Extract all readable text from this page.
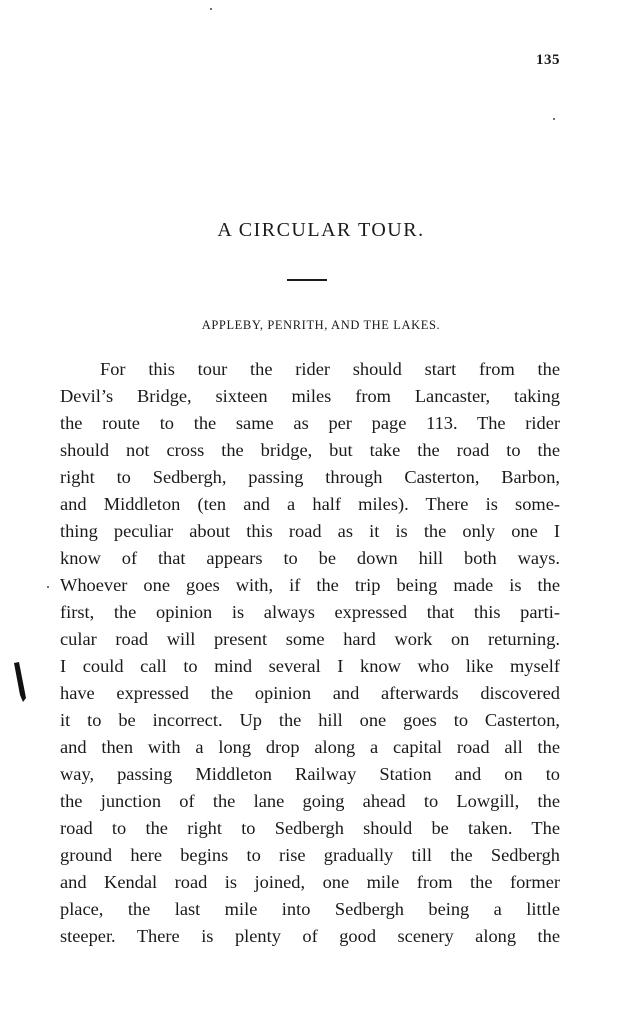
135
A CIRCULAR TOUR.
APPLEBY, PENRITH, AND THE LAKES.
For this tour the rider should start from the
Devil’s Bridge, sixteen miles from Lancaster, taking
the route to the same as per page 113. The rider
should not cross the bridge, but take the road to the
right to Sedbergh, passing through Casterton, Barbon,
and Middleton (ten and a half miles). There is some-
thing peculiar about this road as it is the only one I
know of that appears to be down hill both ways.
Whoever one goes with, if the trip being made is the
first, the opinion is always expressed that this parti-
cular road will present some hard work on returning.
I could call to mind several I know who like myself
have expressed the opinion and afterwards discovered
it to be incorrect. Up the hill one goes to Casterton,
and then with a long drop along a capital road all the
way, passing Middleton Railway Station and on to
the junction of the lane going ahead to Lowgill, the
road to the right to Sedbergh should be taken. The
ground here begins to rise gradually till the Sedbergh
and Kendal road is joined, one mile from the former
place, the last mile into Sedbergh being a little
steeper. There is plenty of good scenery along the
